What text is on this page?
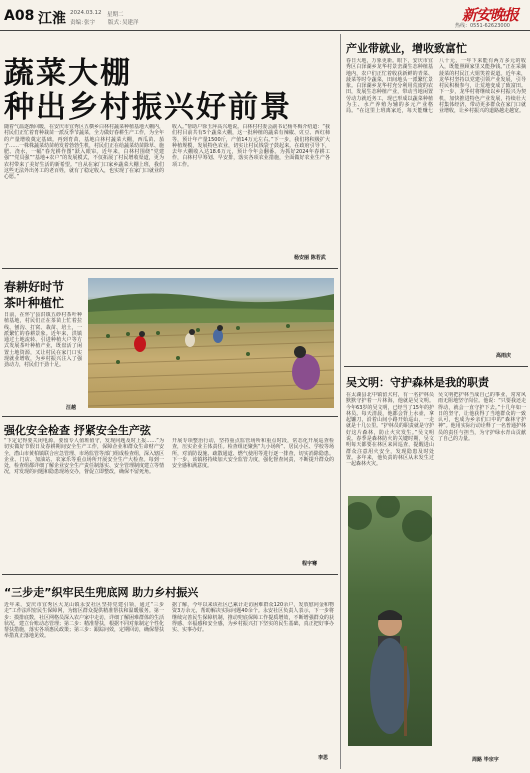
A08 江淮 2024.03.12 星期二
责编：
张宇 版式：
吴建洋	新安晚报
热线：0551-62623000
蔬菜大棚
种出乡村振兴好前景
随着气温逐渐回暖，在安庆市宜秀区五横乡白林村蔬菜种植基地大棚内，村民们正忙着育种栽苗一派反季节蔬菜，全力做好春耕生产工作，为全年的产量增收奠定基础。再到育苗，基地白林村蔬菜大棚，西瓜苗、茄子……一株株蔬菜幼苗萌发着勃勃生机，村民们正在给蔬菜幼苗除草、施肥、浇水，一幅“春光耕作图”跃入眼帘。近年来，白林村围绕“党建强”“党员强”“基地+农户”的发展模式，不仅拓展了村民增收渠道，更为农村带来了美好生活的新希望。“自从在家门口家乡蔬菜大棚上班，我们这些无法外出务工的老百姓，就有了稳定收入，也实现了在家门口就业的心愿。”
收入。”帮助户徐玉萍高兴地说。白林村村委会副书记杨冬梅介绍道：“我们村目前共有5个蔬菜大棚，这一批种植的蔬菜有辣椒、豇豆、西红柿等，预计年产量1500斤，产值14万元左右。”下一步，我们将积极扩大种植规模，发展特色农业，切实让村民钱袋子鼓起来。在政府引导下，去年大棚收入达18.6万元，预计今年会翻番。为抓好2024年春耕工作，白林村早筹划、早安排，落实各项农业措施，全面做好农业生产各项工作。
杨安丽 陈若武
春耕好时节
茶叶种植忙
日前，在怀宁县洪镇五砂村茶叶种植基地，村民们正在茶苗上忙着拉线、刨沟、打窝、栽苗、培土，一派繁忙的春耕景象。近年来，洪镇通过土地流转、引进种植大户等方式发展茶叶种植产业，既盘活了闲置土地资源，又让村民在家门口实现就业增收，为乡村振兴注入了强劲动力，村民们干劲十足。
汪越
强化安全检查 抒紧安全生产弦
“下定记得要关闭电源，要留专人值班值守，发现问题及时上报……”为切实做好节假日及春耕期间安全生产工作，保障企业和群众生命财产安全，潜山市黄柏镇联合应急管理、市场监管等部门组成检查组，深入辖区企业、门店、加油站、农家乐等重点场所开展安全生产大检查。每到一处，检查组都详细了解企业安全生产责任制落实、安全管理制度建立等情况，对发现的问题和隐患现场交办，督促立即整改，确保不留死角。
开展专项整治行动，坚持重点监管场所和重点时段，常态化开展巡查检查，压实企业主体责任。检查组还聚焦“九小场所”、居民小区、学校等场所，对消防设施、疏散通道、燃气使用等进行逐一排查，切实消除隐患。下一步，该镇将持续加大安全监管力度，强化督查问责，不断提升群众的安全感和满意度。
程宇骞
“三步走”织牢民生兜底网 助力乡村振兴
近年来，安庆市宜秀区大龙山镇永安社区坚持党建引领，通过“三步走”工作法织密民生保障网，为辖区群众提供精准帮扶和温暖服务。第一步：摸排底数，社区网格员深入农户家中走访，详细了解困难群体的生活状况，建立台账动态管理；第二步：精准帮扶，根据不同对象制定个性化帮扶措施，落实各项惠民政策；第三步：跟踪问效，定期回访，确保帮扶举措真正落地见效。
据了解，今年以来该社区已累计走访困难群众120余户，发放慰问金和物资3万余元，帮助解决实际问题40余个。永安社区负责人表示，下一步将继续完善民生保障机制，推动兜底保障工作提质增效，不断增强群众的获得感、幸福感和安全感，为乡村振兴打下坚实的民生基础，真正把好事办实、实事办好。
李思
产业带就业，增收致富忙
春日大地，万象更新。眼下，安庆市宜秀区白泽湖乡龙华村景峦湖生态种植基地内，农户们正忙着收获新鲜的青菜、菠菜等时令蔬菜，田间地头一派繁忙景象。白泽湖乡龙华村充分利用荒废的农田，发展生态种植产业，带动当地闲置劳动力就近务工，现已形成以蔬菜种植为主、水产养殖为辅的多元产业格局。“在这里上班离家近，每天能赚七八十元，一年下来能有两万多元的收入，既能照顾家里又能挣钱。”正在采摘菠菜的村民江大姐笑着说道。近年来，龙华村坚持以党建引领产业发展，引导村民积极参与，让荒地变成了致富田。下一步，龙华村将继续以乡村振兴为契机，加快推进特色产业发展，持续壮大村集体经济，带动更多群众在家门口就业增收，让乡村振兴的道路越走越宽。
高雨庆
吴文明：守护森林是我的职责
在太湖县北中镇留犬村，有一名护林员默默守护着一片林海，他就是吴文明。今年63岁的吴文明，已经当了15年的护林员。每天清晨，他都会背上水壶，拿起镰刀，沿着山间小路开始巡山，一走就是十几公里。“护林员的职责就是守护好这片森林，防止火灾发生。”吴文明说。春季是森林防火的关键时期，吴文明每天都要在林区来回巡查，提醒进山群众注意用火安全，发现隐患及时处置。多年来，他负责的林区从未发生过一起森林火灾。
吴文明把护林当成自己的事业，常常风雨无阻地坚守岗位。他说：“只要我还走得动，就会一直守护下去。”十几年如一日的坚守，让他获得了当地群众的一致认可，也成为乡亲们口中的“森林守护神”。他用实际行动诠释了一名普通护林员的责任与担当，为守护绿水青山贡献了自己的力量。
周路 毕宗宇
